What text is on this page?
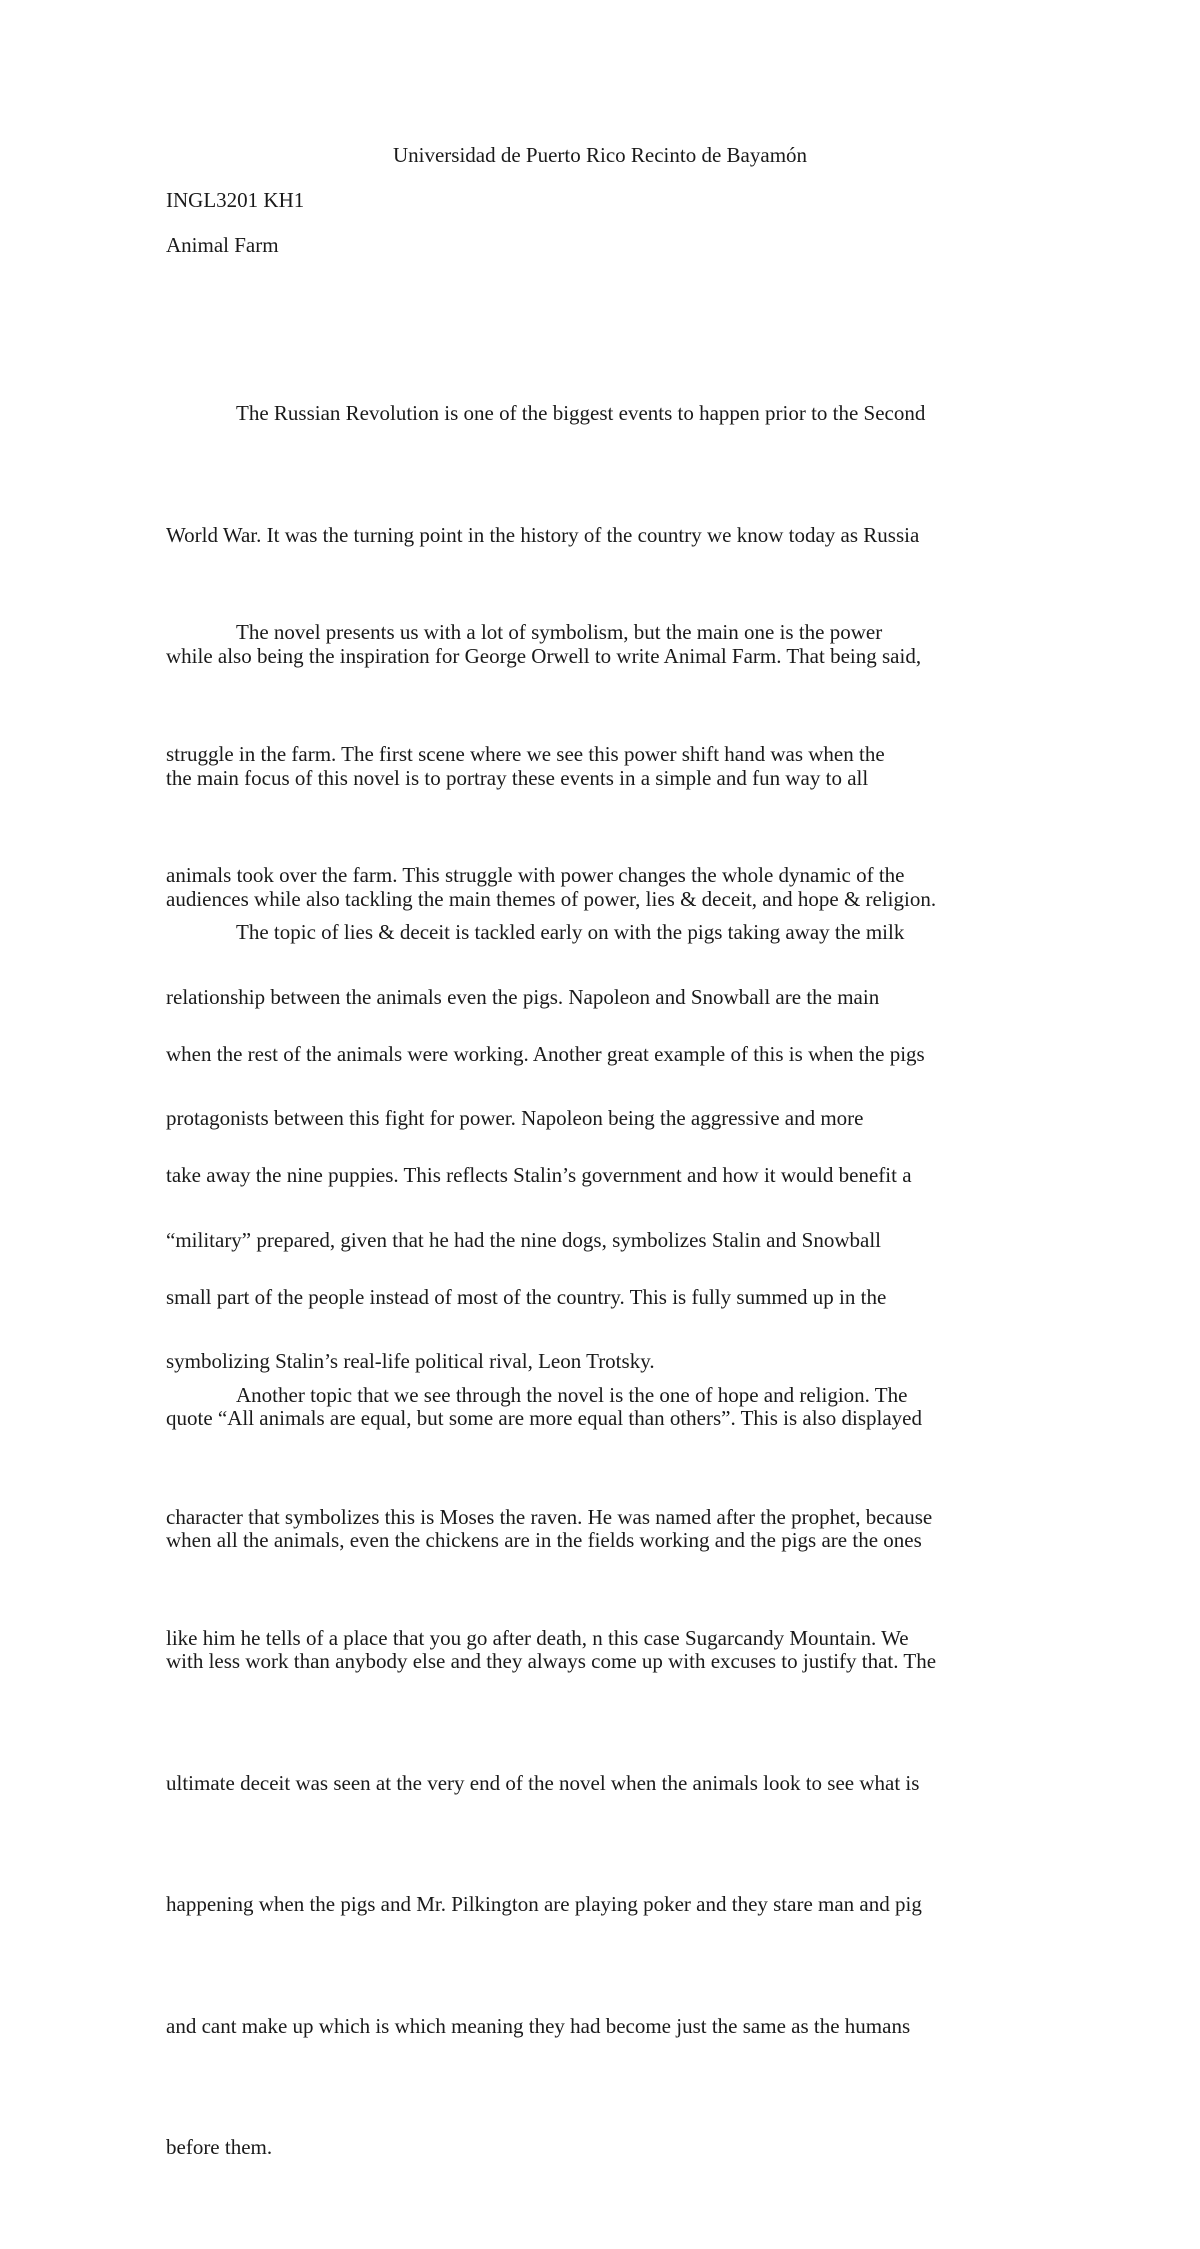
Universidad de Puerto Rico Recinto de Bayamón

INGL3201 KH1

Animal Farm

The Russian Revolution is one of the biggest events to happen prior to the Second

World War. It was the turning point in the history of the country we know today as Russia

while also being the inspiration for George Orwell to write Animal Farm. That being said,

the main focus of this novel is to portray these events in a simple and fun way to all

audiences while also tackling the main themes of power, lies & deceit, and hope & religion.

The novel presents us with a lot of symbolism, but the main one is the power

struggle in the farm. The first scene where we see this power shift hand was when the

animals took over the farm. This struggle with power changes the whole dynamic of the

relationship between the animals even the pigs. Napoleon and Snowball are the main

protagonists between this fight for power. Napoleon being the aggressive and more

“military” prepared, given that he had the nine dogs, symbolizes Stalin and Snowball

symbolizing Stalin’s real-life political rival, Leon Trotsky.

The topic of lies & deceit is tackled early on with the pigs taking away the milk

when the rest of the animals were working. Another great example of this is when the pigs

take away the nine puppies. This reflects Stalin’s government and how it would benefit a

small part of the people instead of most of the country. This is fully summed up in the

quote “All animals are equal, but some are more equal than others”. This is also displayed

when all the animals, even the chickens are in the fields working and the pigs are the ones

with less work than anybody else and they always come up with excuses to justify that. The

ultimate deceit was seen at the very end of the novel when the animals look to see what is

happening when the pigs and Mr. Pilkington are playing poker and they stare man and pig

and cant make up which is which meaning they had become just the same as the humans

before them.

Another topic that we see through the novel is the one of hope and religion. The

character that symbolizes this is Moses the raven. He was named after the prophet, because

like him he tells of a place that you go after death, n this case Sugarcandy Mountain. We
